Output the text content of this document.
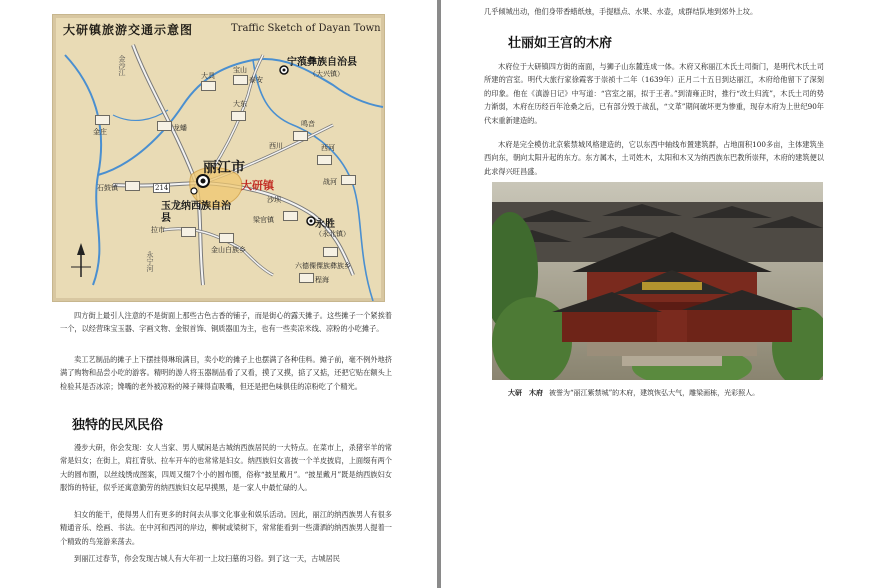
大研镇旅游交通示意图	Traffic Sketch of Dayan Town
宁蒗彝族自治县
（大兴镇）
丽江市
大研镇
玉龙纳西族自治县
永胜
（永北镇）
大具
宝山
大东
鸣音
西川	西河
战河
金庄	龙蟠
石鼓镇
拉市
金山白族乡
梁官镇
六德傈僳族彝族乡
程海
泰安
沙坝
金沙江
永宁河
214

四方街上最引人注意的不是街面上那些古色古香的铺子，而是街心的露天摊子。这些摊子一个紧挨着一个，以经营珠宝玉器、字画文物、金银首饰、铜质器皿为主，也有一些卖凉米线、凉粉的小吃摊子。

卖工艺制品的摊子上下摆挂得琳琅满目，卖小吃的摊子上也摆满了各种佳料。摊子前，毫不例外地挤满了购物和品尝小吃的游客。精明的游人将玉器制品看了又看，摸了又摸，掂了又掂，还把它贴在额头上检验其是否冰凉；馋嘴的老外被凉粉的辣子辣得直吸嘴，但还是把色味俱佳的凉粉吃了个精光。

独特的民风民俗

漫步大研，你会发现：女人当家、男人赋闲是古城纳西族居民的一大特点。在菜市上，杀猪宰羊的常常是妇女；在街上，肩扛背驮、拉车开车的也常常是妇女。纳西族妇女喜披一个羊皮披肩，上面缀有两个大的圆布圈，以丝线绣成图案，四周又缀7个小的圆布圈，俗称“披星戴月”。“披星戴月”既是纳西族妇女服饰的特征，似乎还寓意勤劳的纳西族妇女起早摸黑，是一家人中最忙碌的人。

妇女的能干，使得男人们有更多的时间去从事文化事业和娱乐活动。因此，丽江的纳西族男人有很多精通音乐、绘画、书法。在中河和西河的岸边，柳树或梁树下，常常能看到一些潇洒的纳西族男人提着一个精致的鸟笼游来荡去。

到丽江过春节，你会发现古城人有大年初一上坟扫墓的习俗。到了这一天，古城居民

几乎倾城出动，他们身带香蜡纸烛，手提糕点、水果、水壶，成群结队地到郊外上坟。

壮丽如王宫的木府

木府位于大研镇四方街的南面，与狮子山东麓连成一体。木府又称丽江木氏土司衙门，是明代木氏土司所建的宫室。明代大旅行家徐霞客于崇祯十二年（1639年）正月二十五日到达丽江，木府给他留下了深刻的印象。他在《滇游日记》中写道：“宫室之丽，拟于王者。”到清雍正时，推行“改土归流”，木氏土司的势力渐弱，木府在历经百年沧桑之后，已有部分毁于战乱，“文革”期间破坏更为惨重，现存木府为上世纪90年代末重新建造的。

木府是完全模仿北京紫禁城风格建造的，它以东西中轴线布置建筑群，占地面积100多亩，主体建筑坐西向东，朝向太阳升起的东方。东方属木，土司姓木，太阳和木又为纳西族东巴教所崇拜，木府的建筑便以此求得兴旺昌盛。

大研　木府 被誉为“丽江紫禁城”的木府，建筑恢弘大气，雕梁画栋，光彩照人。
